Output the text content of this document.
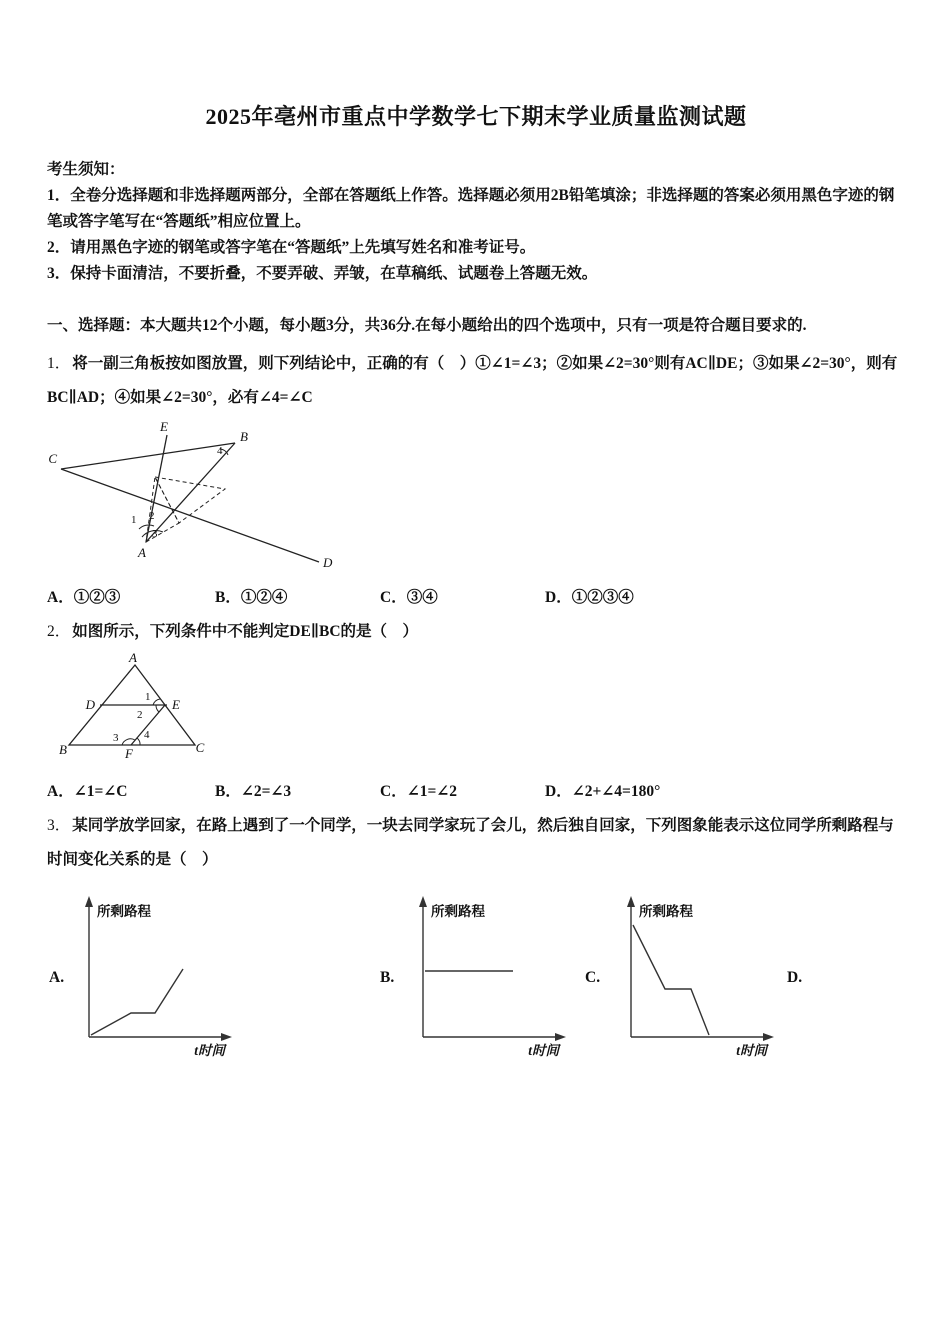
2025年亳州市重点中学数学七下期末学业质量监测试题

考生须知：

1．全卷分选择题和非选择题两部分，全部在答题纸上作答。选择题必须用2B铅笔填涂；非选择题的答案必须用黑色字迹的钢笔或答字笔写在“答题纸”相应位置上。

2．请用黑色字迹的钢笔或答字笔在“答题纸”上先填写姓名和准考证号。

3．保持卡面清洁，不要折叠，不要弄破、弄皱，在草稿纸、试题卷上答题无效。

一、选择题：本大题共12个小题，每小题3分，共36分.在每小题给出的四个选项中，只有一项是符合题目要求的.

1． 将一副三角板按如图放置，则下列结论中，正确的有（　）①∠1=∠3；②如果∠2=30°则有AC∥DE；③如果∠2=30°，则有BC∥AD；④如果∠2=30°，必有∠4=∠C

E
B
C
A
D
1 2
3
4
A．①②③	B．①②④	C．③④	D．①②③④

2． 如图所示，下列条件中不能判定DE∥BC的是（　）

A
D	E
B	F	C
1
2
3 4
A．∠1=∠C	B．∠2=∠3	C．∠1=∠2	D．∠2+∠4=180°

3． 某同学放学回家，在路上遇到了一个同学，一块去同学家玩了会儿，然后独自回家，下列图象能表示这位同学所剩路程与时间变化关系的是（　）

A.
所剩路程
t时间
B.
所剩路程
t时间
C.
所剩路程
t时间
D.
